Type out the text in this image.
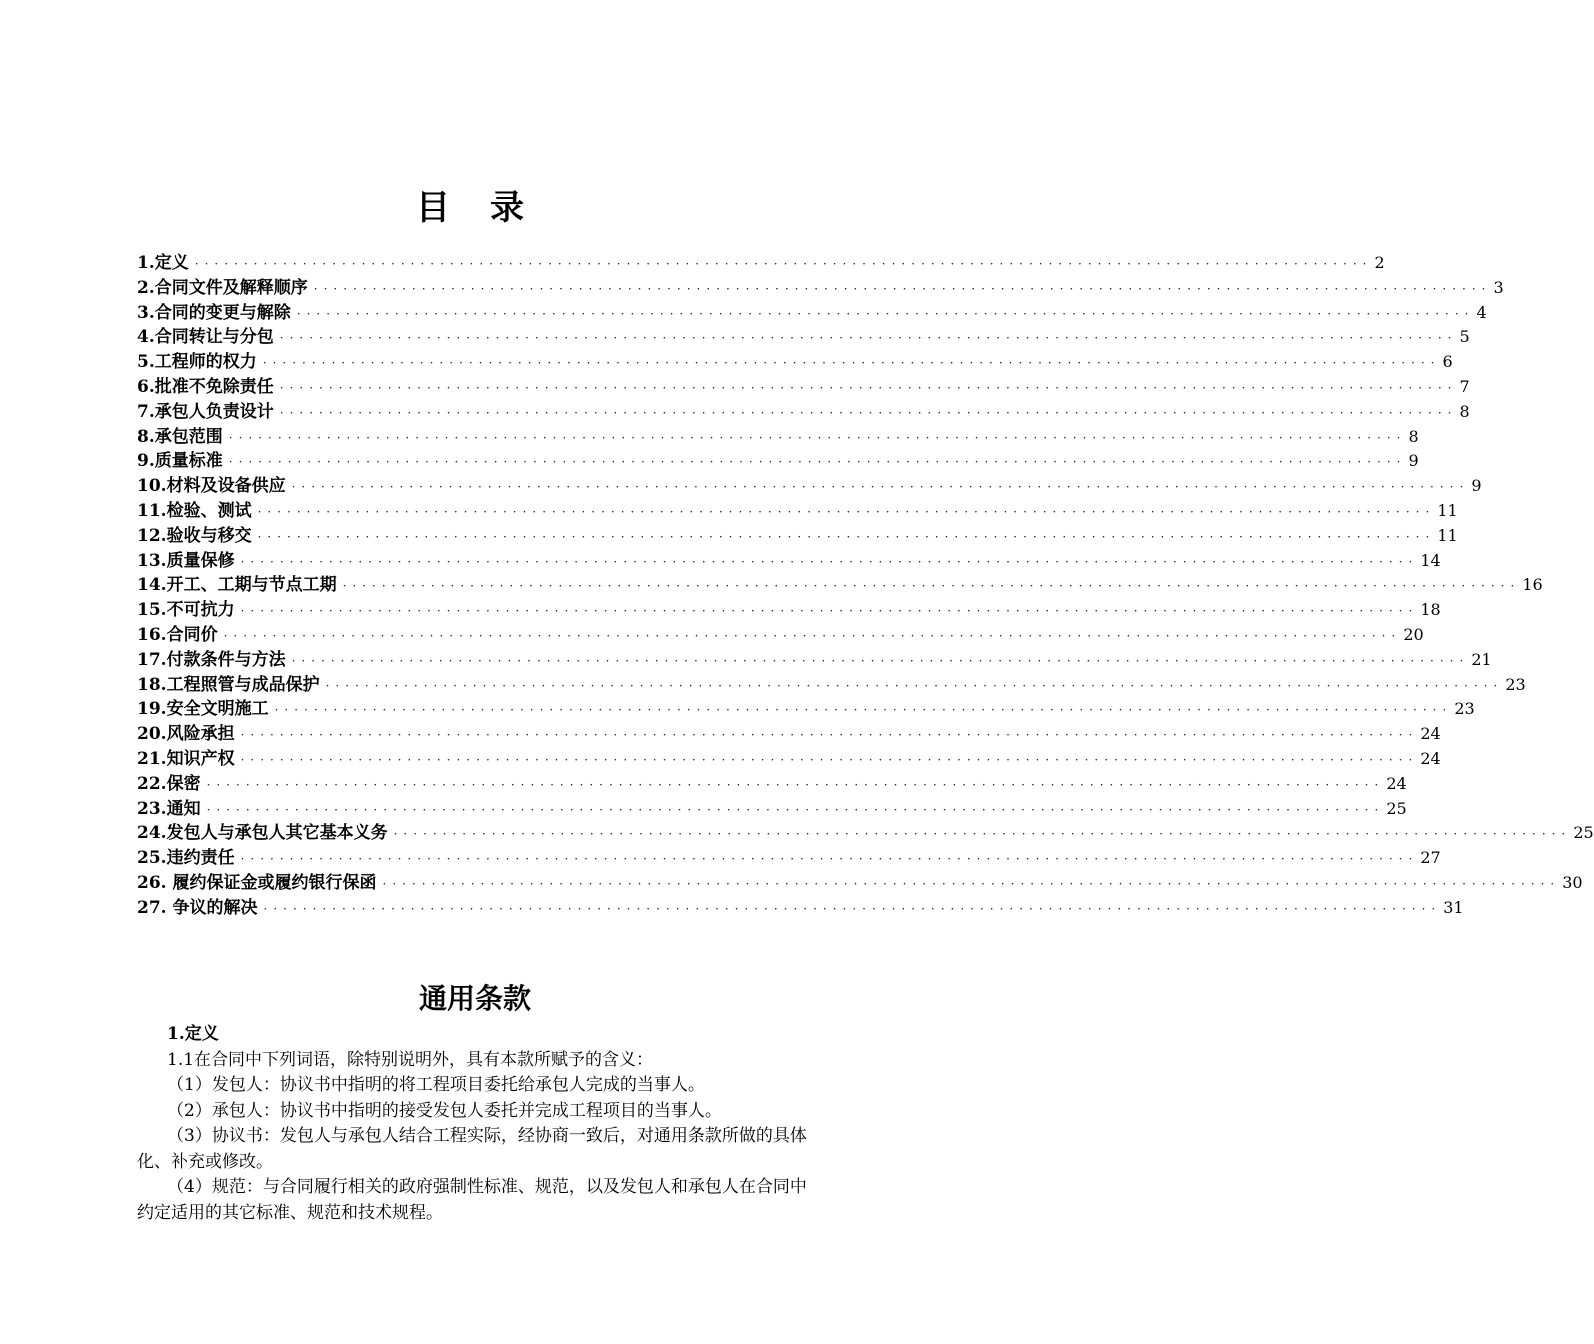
目 录
1.定义 ························································································································ 2
2.合同文件及解释顺序 ························································································································ 3
3.合同的变更与解除 ························································································································ 4
4.合同转让与分包 ························································································································ 5
5.工程师的权力 ························································································································ 6
6.批准不免除责任 ························································································································ 7
7.承包人负责设计 ························································································································ 8
8.承包范围 ························································································································ 8
9.质量标准 ························································································································ 9
10.材料及设备供应 ························································································································ 9
11.检验、测试 ························································································································ 11
12.验收与移交 ························································································································ 11
13.质量保修 ························································································································ 14
14.开工、工期与节点工期 ························································································································ 16
15.不可抗力 ························································································································ 18
16.合同价 ························································································································ 20
17.付款条件与方法 ························································································································ 21
18.工程照管与成品保护 ························································································································ 23
19.安全文明施工 ························································································································ 23
20.风险承担 ························································································································ 24
21.知识产权 ························································································································ 24
22.保密 ························································································································ 24
23.通知 ························································································································ 25
24.发包人与承包人其它基本义务 ························································································································ 25
25.违约责任 ························································································································ 27
26. 履约保证金或履约银行保函 ························································································································ 30
27. 争议的解决 ························································································································ 31
通用条款

1.定义

1.1在合同中下列词语，除特别说明外，具有本款所赋予的含义：

（1）发包人：协议书中指明的将工程项目委托给承包人完成的当事人。

（2）承包人：协议书中指明的接受发包人委托并完成工程项目的当事人。

（3）协议书：发包人与承包人结合工程实际，经协商一致后，对通用条款所做的具体化、补充或修改。

（4）规范：与合同履行相关的政府强制性标准、规范，以及发包人和承包人在合同中约定适用的其它标准、规范和技术规程。
